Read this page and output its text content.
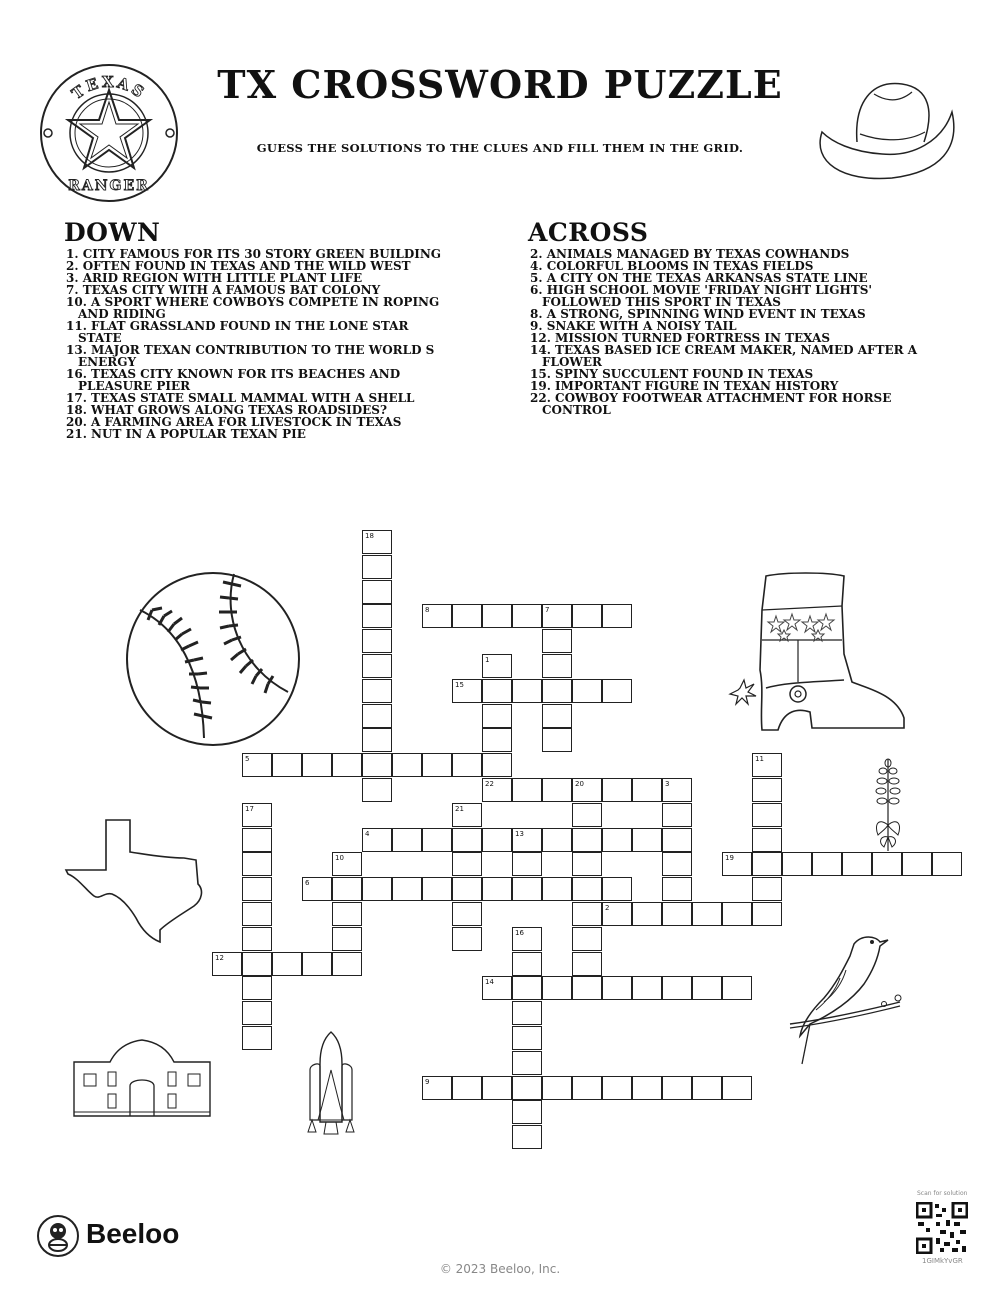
TX CROSSWORD PUZZLE
GUESS THE SOLUTIONS TO THE CLUES AND FILL THEM IN THE GRID.
TEXAS
RANGER
DOWN
1. CITY FAMOUS FOR ITS 30 STORY GREEN BUILDING
2. OFTEN FOUND IN TEXAS AND THE WILD WEST
3. ARID REGION WITH LITTLE PLANT LIFE
7. TEXAS CITY WITH A FAMOUS BAT COLONY
10. A SPORT WHERE COWBOYS COMPETE IN ROPING AND RIDING
11. FLAT GRASSLAND FOUND IN THE LONE STAR STATE
13. MAJOR TEXAN CONTRIBUTION TO THE WORLD S ENERGY
16. TEXAS CITY KNOWN FOR ITS BEACHES AND PLEASURE PIER
17. TEXAS STATE SMALL MAMMAL WITH A SHELL
18. WHAT GROWS ALONG TEXAS ROADSIDES?
20. A FARMING AREA FOR LIVESTOCK IN TEXAS
21. NUT IN A POPULAR TEXAN PIE
ACROSS
2. ANIMALS MANAGED BY TEXAS COWHANDS
4. COLORFUL BLOOMS IN TEXAS FIELDS
5. A CITY ON THE TEXAS ARKANSAS STATE LINE
6. HIGH SCHOOL MOVIE 'FRIDAY NIGHT LIGHTS' FOLLOWED THIS SPORT IN TEXAS
8. A STRONG, SPINNING WIND EVENT IN TEXAS
9. SNAKE WITH A NOISY TAIL
12. MISSION TURNED FORTRESS IN TEXAS
14. TEXAS BASED ICE CREAM MAKER, NAMED AFTER A FLOWER
15. SPINY SUCCULENT FOUND IN TEXAS
19. IMPORTANT FIGURE IN TEXAN HISTORY
22. COWBOY FOOTWEAR ATTACHMENT FOR HORSE CONTROL
18
8	7
1
15
5	11
22	20	3
17	21
4	13
10	19
6
2
16
12
14
9
Beeloo
© 2023 Beeloo, Inc.
Scan for solution
1GIMkYvGR
